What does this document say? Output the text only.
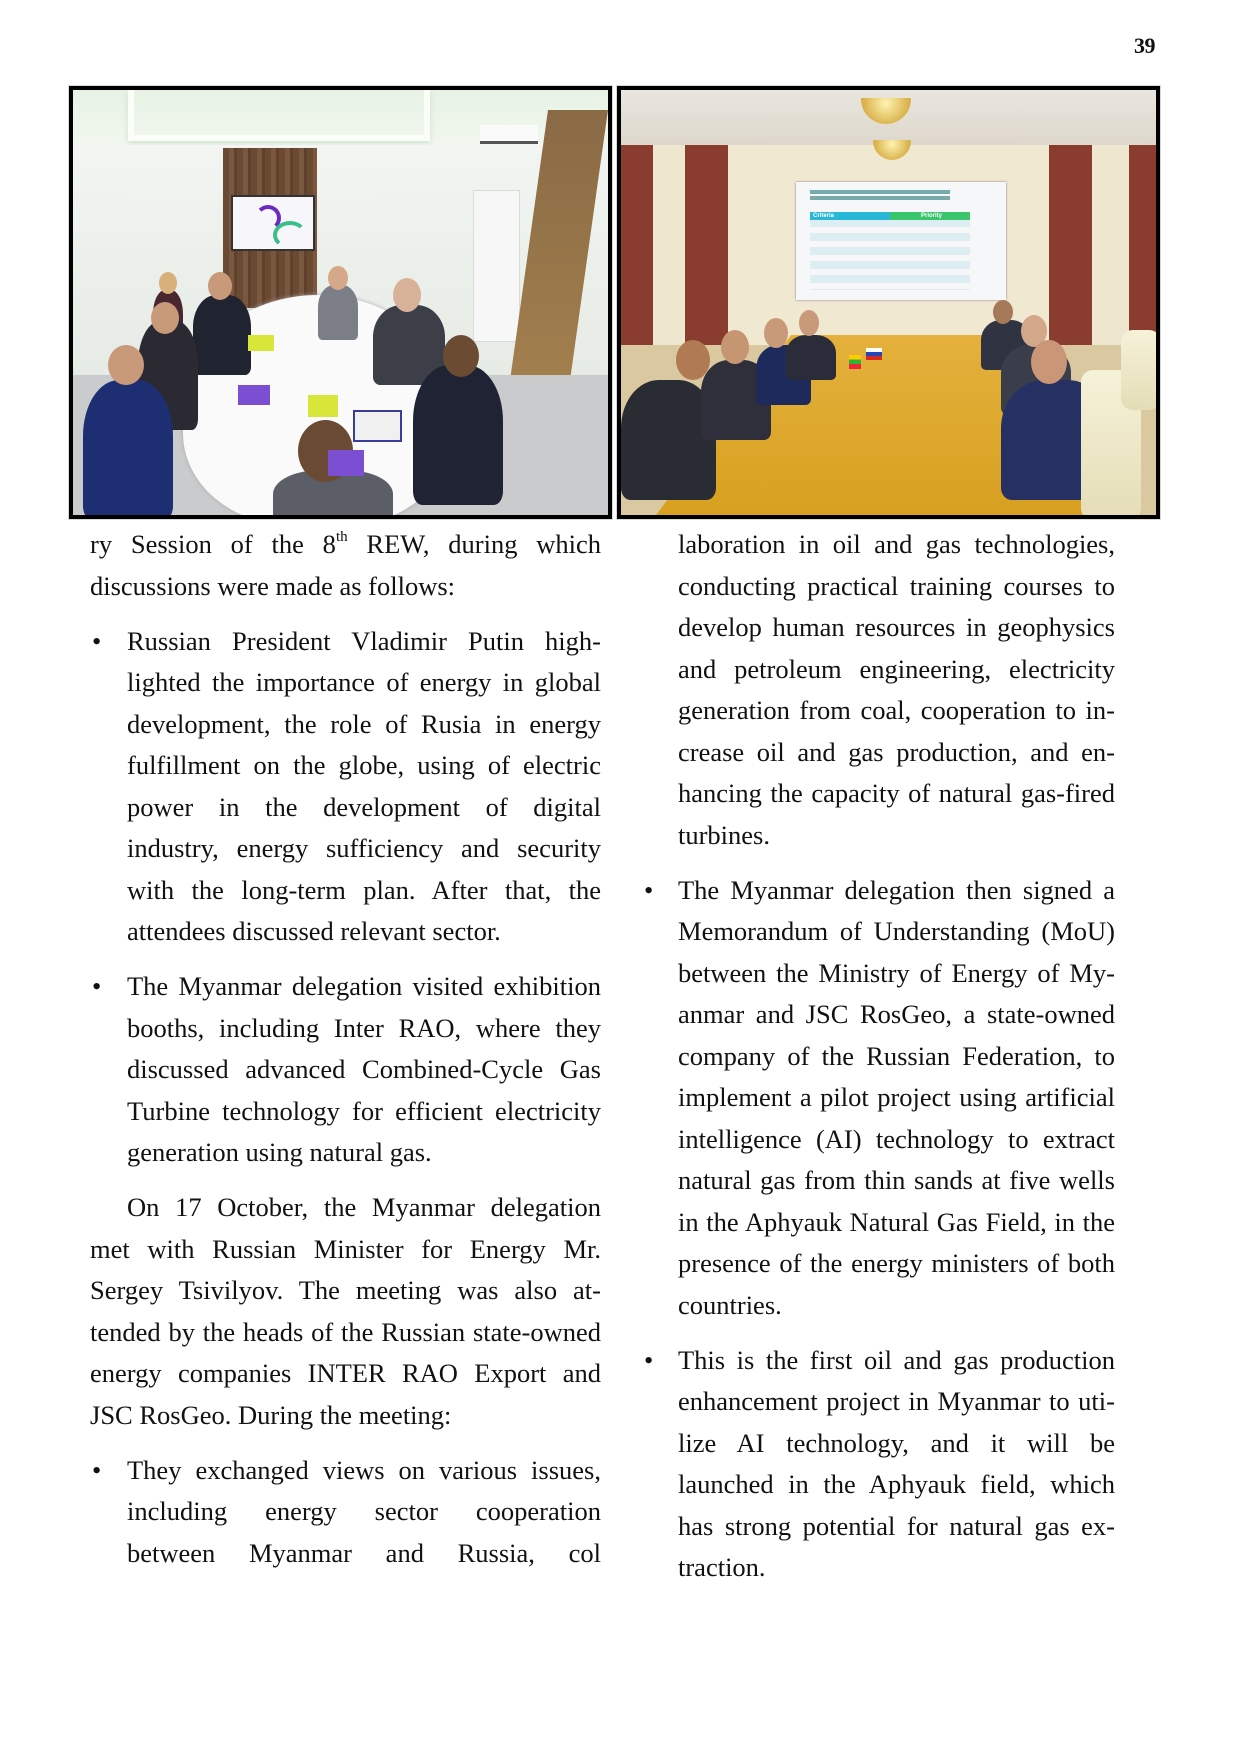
39
Criteria	Priority

ry Session of the 8th REW, during which discussions were made as follows:

• Russian President Vladimir Putin highlighted the importance of energy in global development, the role of Rusia in energy fulfillment on the globe, using of electric power in the development of digital industry, energy sufficiency and security with the long-term plan. After that, the attendees discussed relevant sector.
• The Myanmar delegation visited exhibition booths, including Inter RAO, where they discussed advanced Combined-Cycle Gas Turbine technology for efficient electricity generation using natural gas.

On 17 October, the Myanmar delegation met with Russian Minister for Energy Mr. Sergey Tsivilyov. The meeting was also attended by the heads of the Russian state-owned energy companies INTER RAO Export and JSC RosGeo. During the meeting:

• They exchanged views on various issues, including energy sector cooperation between Myanmar and Russia, col

laboration in oil and gas technologies, conducting practical training courses to develop human resources in geophysics and petroleum engineering, electricity generation from coal, cooperation to increase oil and gas production, and enhancing the capacity of natural gas-fired turbines.

• The Myanmar delegation then signed a Memorandum of Understanding (MoU) between the Ministry of Energy of Myanmar and JSC RosGeo, a state-owned company of the Russian Federation, to implement a pilot project using artificial intelligence (AI) technology to extract natural gas from thin sands at five wells in the Aphyauk Natural Gas Field, in the presence of the energy ministers of both countries.
• This is the first oil and gas production enhancement project in Myanmar to utilize AI technology, and it will be launched in the Aphyauk field, which has strong potential for natural gas extraction.
